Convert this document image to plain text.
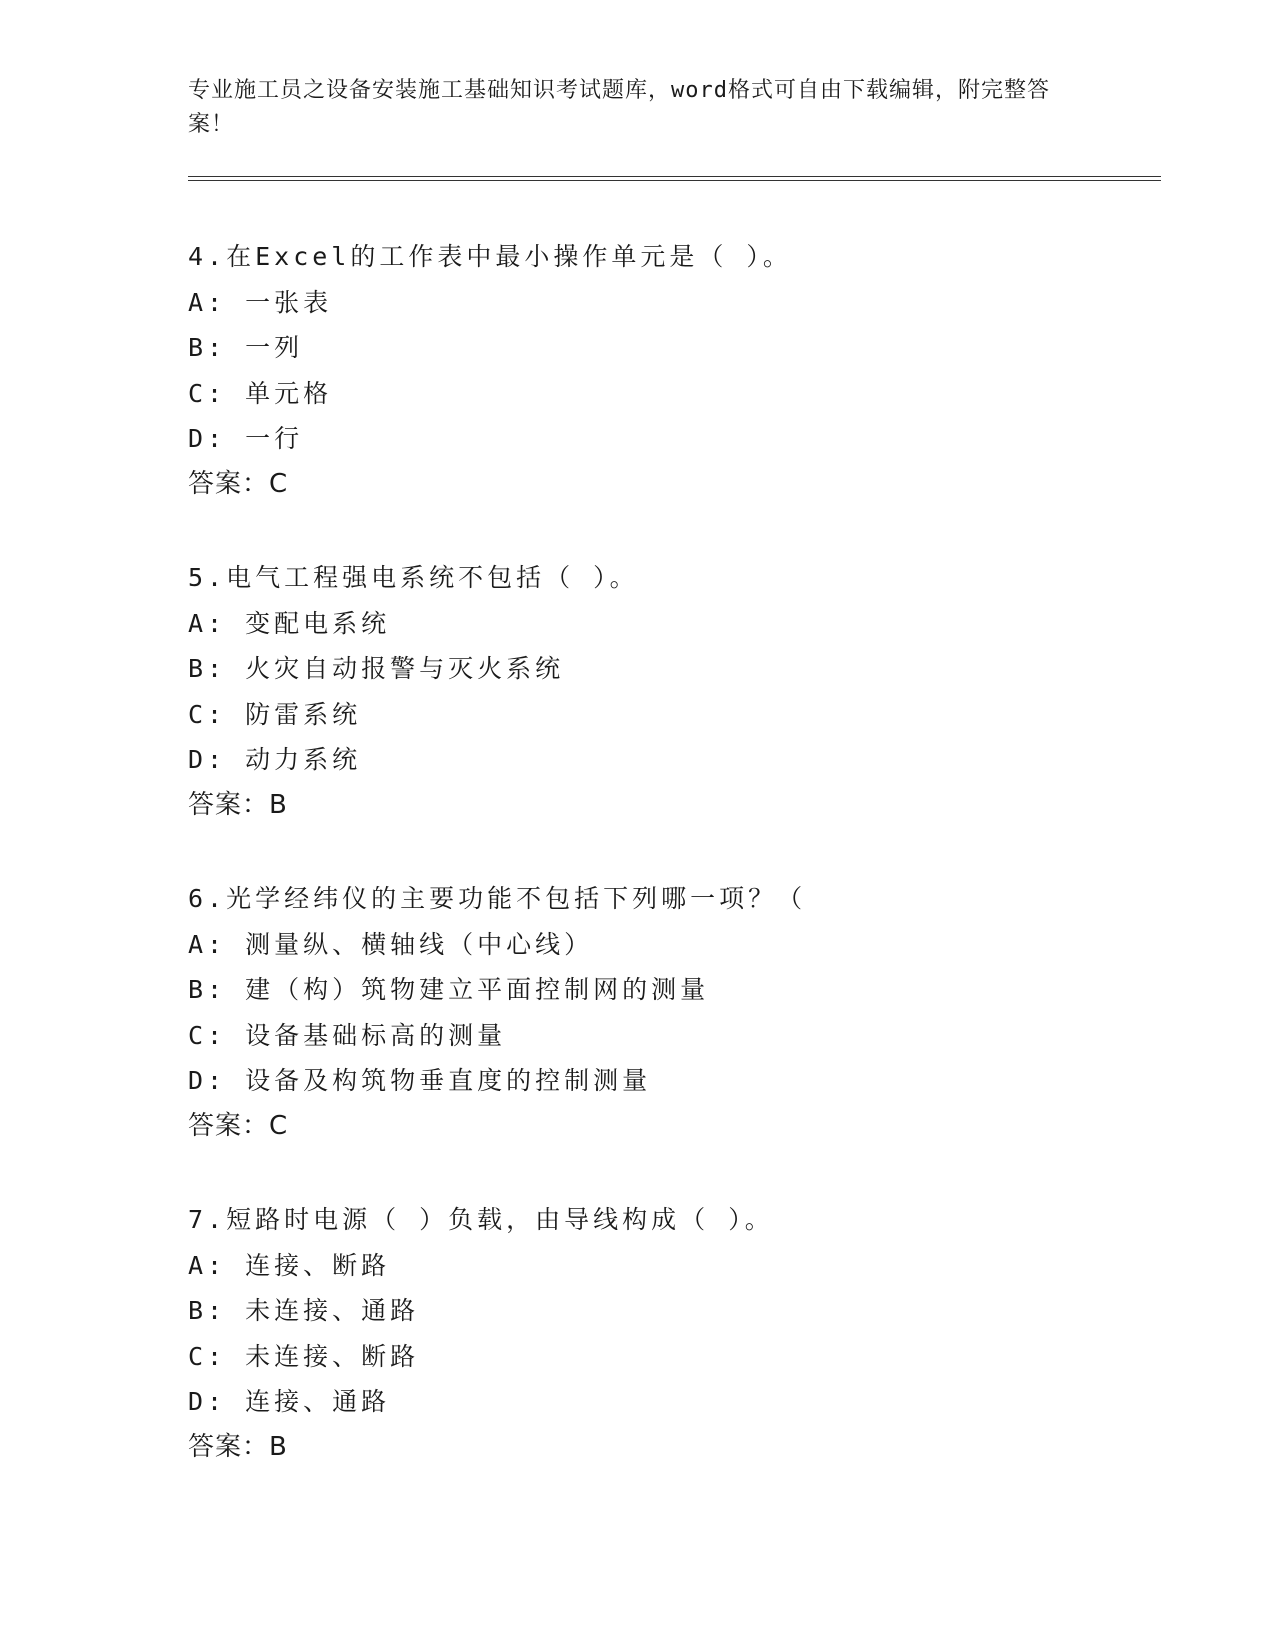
专业施工员之设备安装施工基础知识考试题库，word格式可自由下载编辑，附完整答案！

4.在Excel的工作表中最小操作单元是（ ）。

A: 一张表

B: 一列

C: 单元格

D: 一行

答案：C

5.电气工程强电系统不包括（ ）。

A: 变配电系统

B: 火灾自动报警与灭火系统

C: 防雷系统

D: 动力系统

答案：B

6.光学经纬仪的主要功能不包括下列哪一项？（

A: 测量纵、横轴线（中心线）

B: 建（构）筑物建立平面控制网的测量

C: 设备基础标高的测量

D: 设备及构筑物垂直度的控制测量

答案：C

7.短路时电源（ ）负载，由导线构成（ ）。

A: 连接、断路

B: 未连接、通路

C: 未连接、断路

D: 连接、通路

答案：B
